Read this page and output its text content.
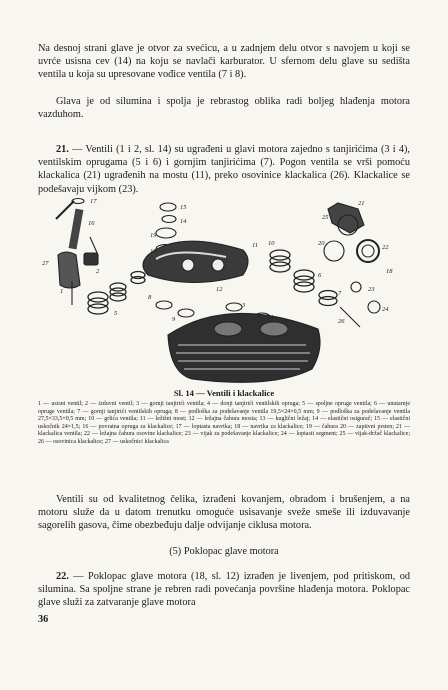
Na desnoj strani glave je otvor za svećicu, a u zadnjem delu otvor s navojem u koji se uvrće usisna cev (14) na koju se navlači karburator. U sfernom delu glave su sedišta ventila u koja su upresovane vođice ventila (7 i 8).

Glava je od silumina i spolja je rebrastog oblika radi boljeg hlađenja motora vazduhom.

21. — Ventili (1 i 2, sl. 14) su ugrađeni u glavi motora zajedno s tanjirićima (3 i 4), ventilskim oprugama (5 i 6) i gornjim tanjirićima (7). Pogon ventila se vrši pomoću klackalica (21) ugrađenih na mostu (11), preko osovinice klackalica (26). Klackalice se podešavaju vijkom (23).

17
16
27
1
2
15
14
19
13
11
12
10
5
8
9
3
4
6
7
21
25
20
22
18
23
24
26

Sl. 14 — Ventili i klackalice

1 — usisni ventil; 2 — izduvni ventil; 3 — gornji tanjirići ventila; 4 — donji tanjirići ventilskih opruga; 5 — spoljne opruge ventila; 6 — unutarnje opruge ventila; 7 — gornji tanjirići ventilskih opruga; 8 — podloška za podešavanje ventila 19,5×24×0,5 mm; 9 — podloška za podešavanje ventila 27,5×33,5×0,5 mm; 10 — grlića ventila; 11 — ležišni most; 12 — ležajna čahura mosta; 13 — kuglični ležaj; 14 — elastični osigurač; 15 — elastični uskočnik 24×1,5; 16 — povratna opruga za klackalice; 17 — loptasta navrtka; 18 — navrtka za klackalice; 19 — čahura 20 — zaptivni prsten; 21 — klackalica ventila; 22 — ležajna čahura osovine klackalice; 23 — vijak za podešavanje klackalice; 24 — loptasti segment; 25 — vijak-držač klackalice; 26 — osovinica klackalice; 27 — uskočnici klackalica

Ventili su od kvalitetnog čelika, izrađeni kovanjem, obradom i brušenjem, a na motoru služe da u datom trenutku omoguće usisavanje sveže smeše ili izduvavanje sagorelih gasova, čime obezbeđuju dalje odvijanje ciklusa motora.

(5) Poklopac glave motora

22. — Poklopac glave motora (18, sl. 12) izrađen je livenjem, pod pritiskom, od silumina. Sa spoljne strane je rebren radi povećanja površine hlađenja motora. Poklopac glave služi za zatvaranje glave motora

36
